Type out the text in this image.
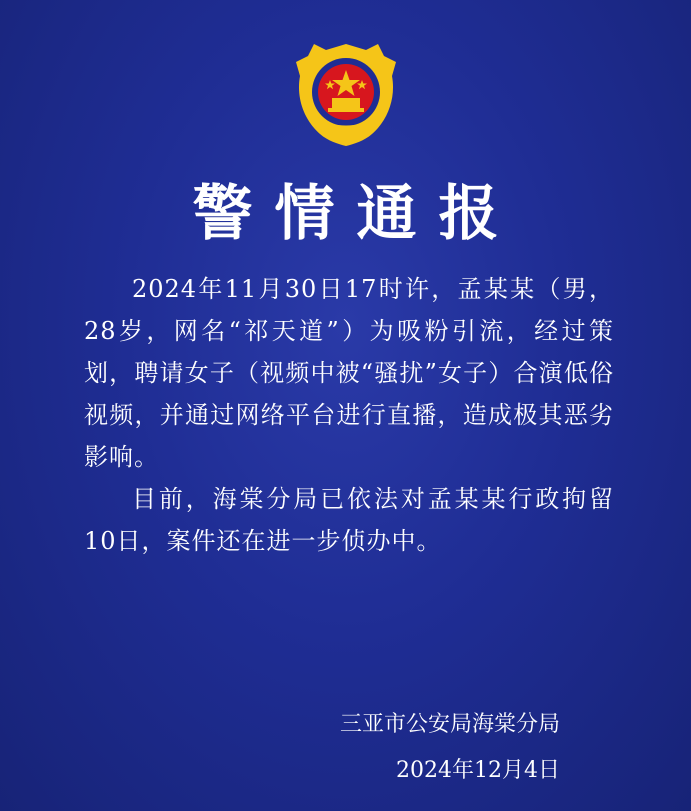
警情通报

2024年11月30日17时许，孟某某（男，28岁，网名“祁天道”）为吸粉引流，经过策划，聘请女子（视频中被“骚扰”女子）合演低俗视频，并通过网络平台进行直播，造成极其恶劣影响。

目前，海棠分局已依法对孟某某行政拘留10日，案件还在进一步侦办中。

三亚市公安局海棠分局
2024年12月4日
